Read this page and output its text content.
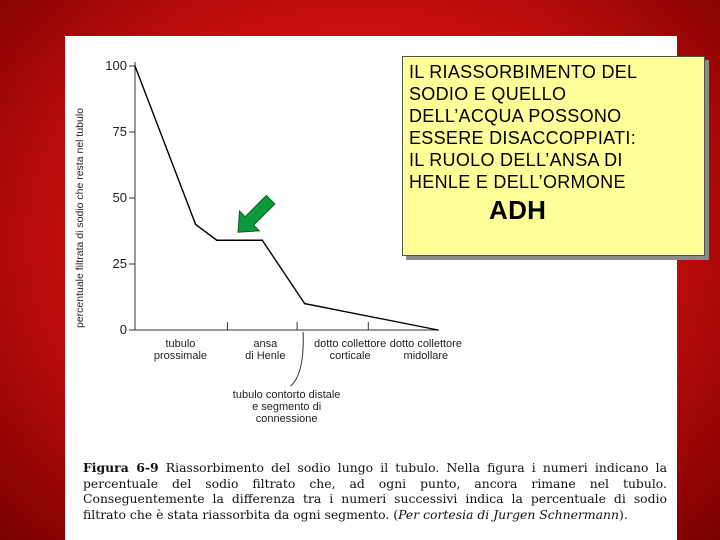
0
25
50
75
100
percentuale filtrata di sodio che resta nel tubulo
tubulo prossimale
ansa di Henle
dotto collettore corticale
dotto collettore midollare
tubulo contorto distale e segmento di connessione
IL RIASSORBIMENTO DEL
SODIO E QUELLO
DELL’ACQUA POSSONO
ESSERE DISACCOPPIATI:
IL RUOLO DELL’ANSA DI
HENLE E DELL’ORMONE
ADH
Figura 6-9 Riassorbimento del sodio lungo il tubulo. Nella figura i numeri indicano la percentuale del sodio filtrato che, ad ogni punto, ancora rimane nel tubulo. Conseguentemente la differenza tra i numeri successivi indica la percentuale di sodio filtrato che è stata riassorbita da ogni segmento. (Per cortesia di Jurgen Schnermann).
